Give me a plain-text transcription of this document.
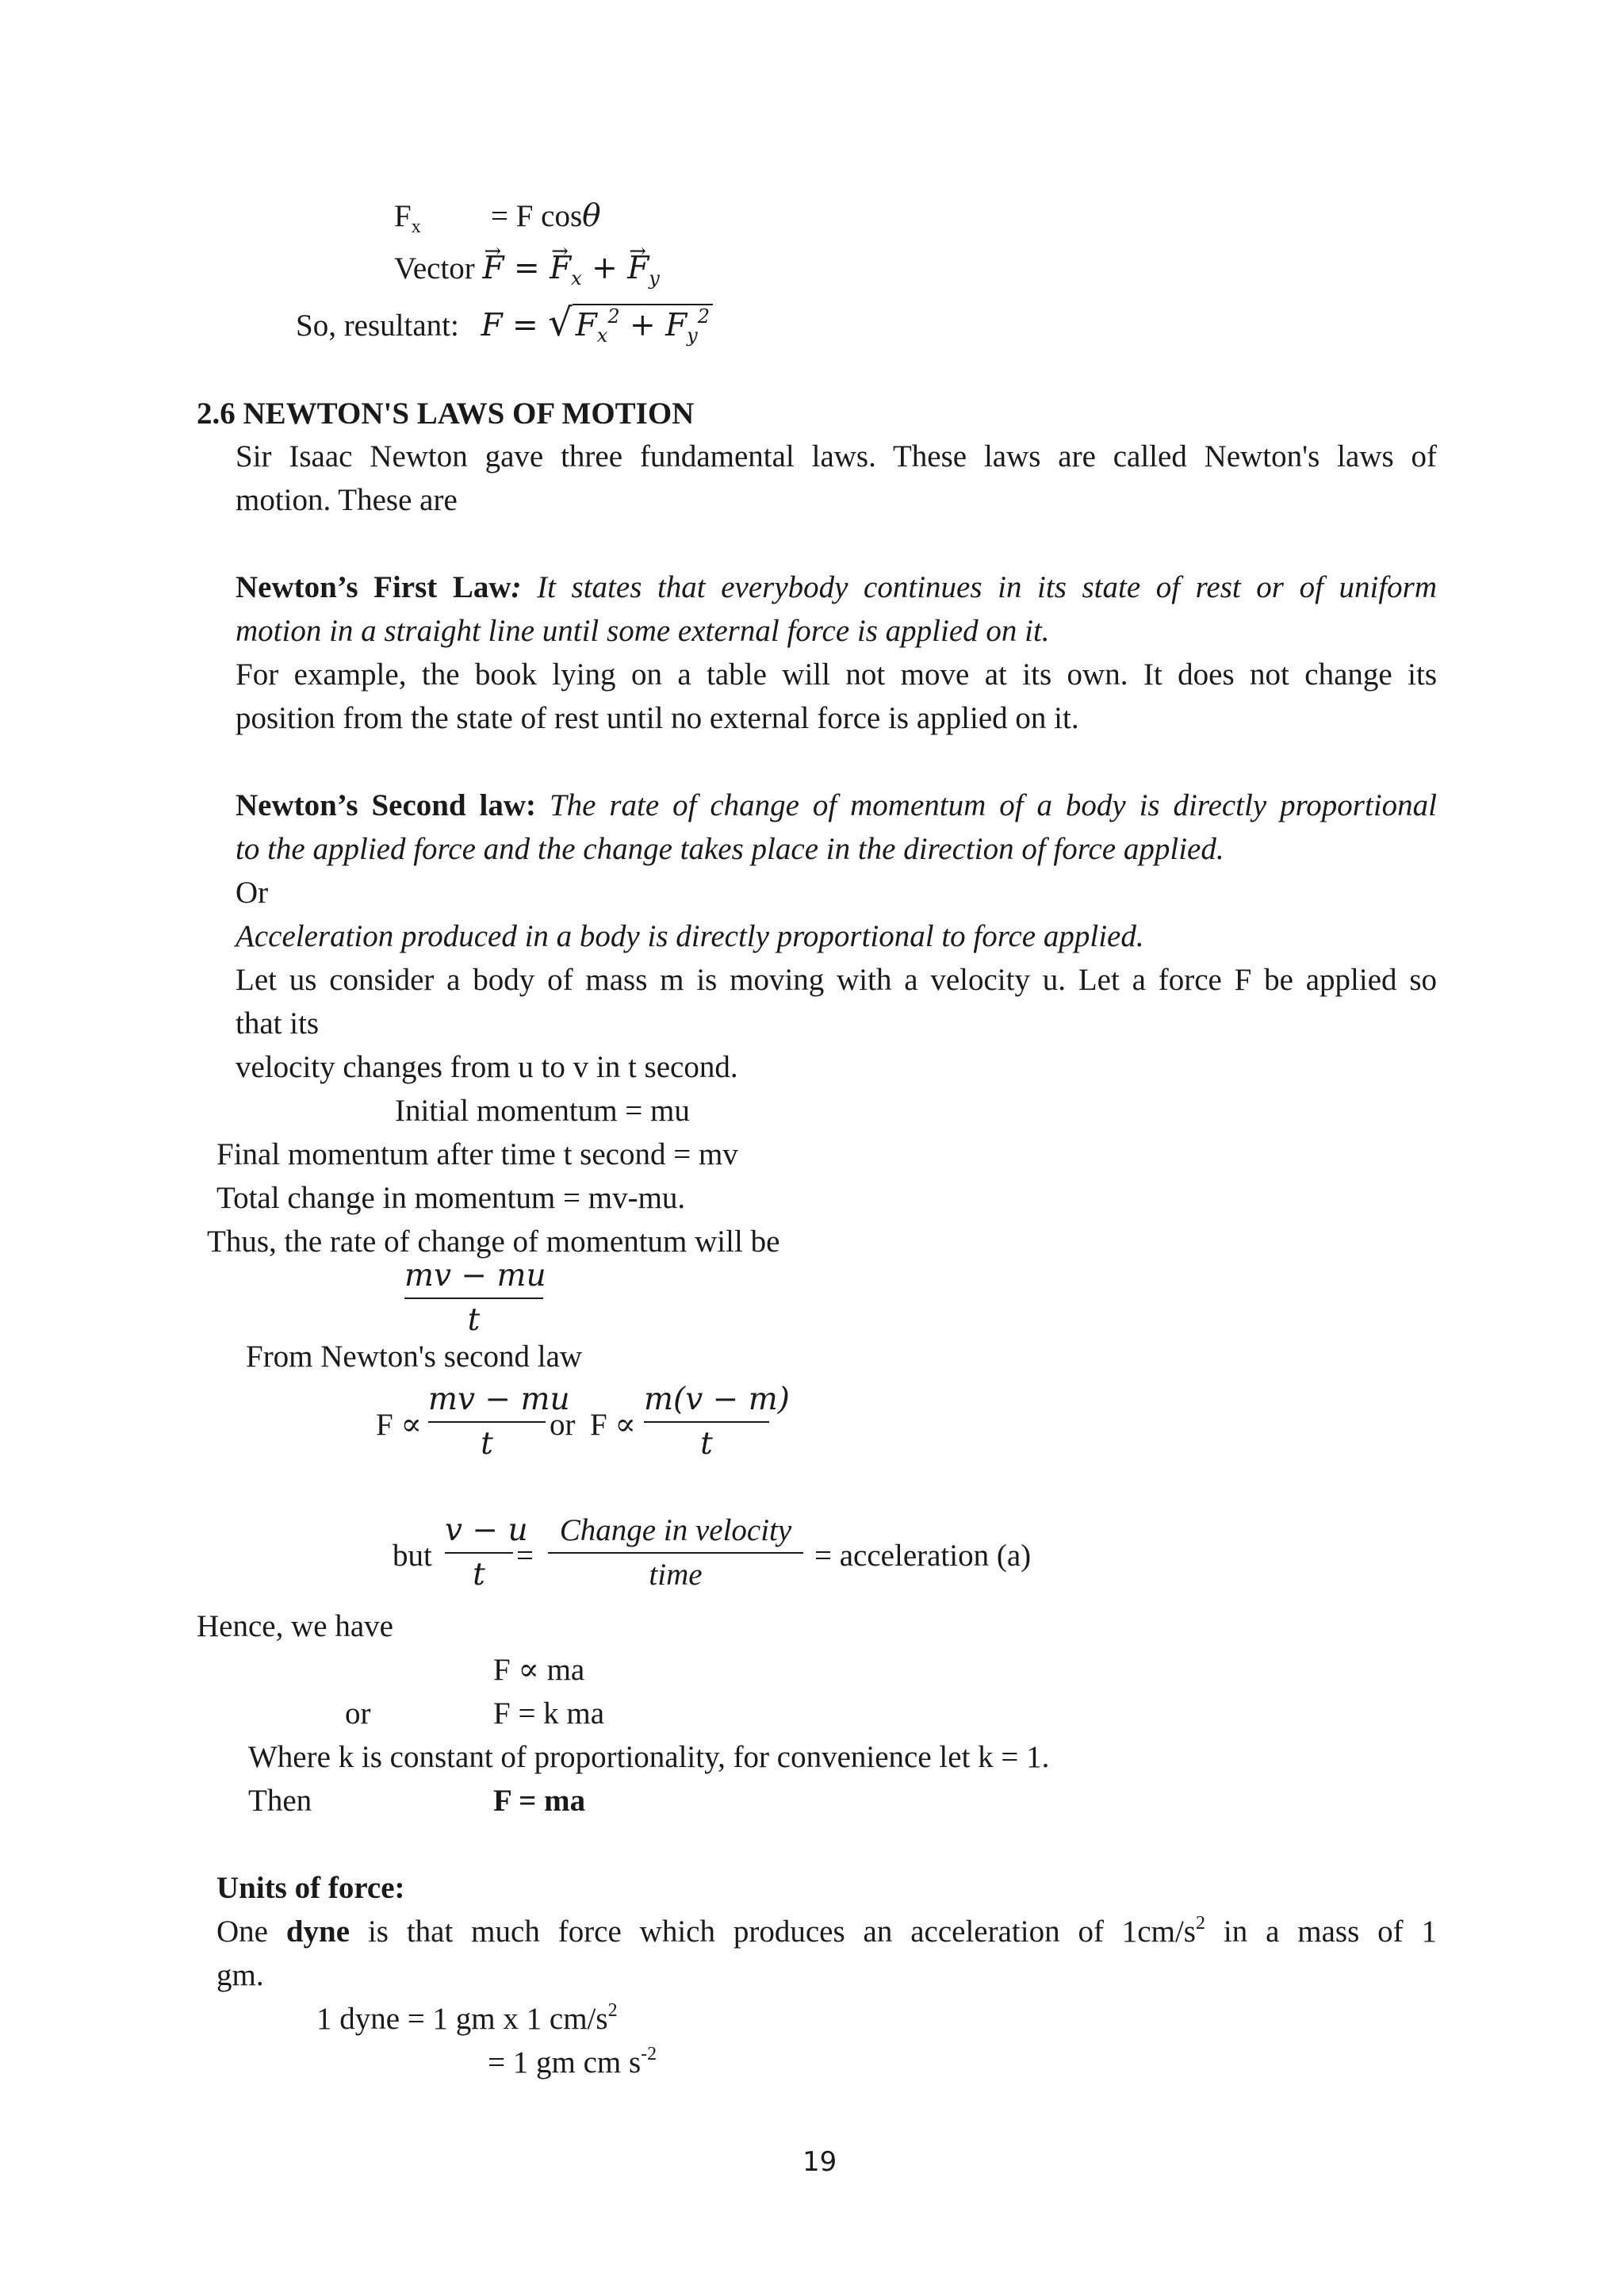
$F_x = F$ cosθ
Vector → F = → $F_x$ + → $F_y$
So, resultant: F = √ $F_x^2 + F_y^2$
2.6 NEWTON'S LAWS OF MOTION
Sir Isaac Newton gave three fundamental laws. These laws are called Newton's laws of
motion. These are
Newton’s First Law: It states that everybody continues in its state of rest or of uniform
motion in a straight line until some external force is applied on it.
For example, the book lying on a table will not move at its own. It does not change its
position from the state of rest until no external force is applied on it.
Newton’s Second law: The rate of change of momentum of a body is directly proportional
to the applied force and the change takes place in the direction of force applied.
Or
Acceleration produced in a body is directly proportional to force applied.
Let us consider a body of mass m is moving with a velocity u. Let a force F be applied so
that its
velocity changes from u to v in t second.
Initial momentum = mu
Final momentum after time t second = mv
Total change in momentum = mv-mu.
Thus, the rate of change of momentum will be
mv − mu
t
From Newton's second law
F ∝
mv − mu
t
or F ∝
m(v − m)
t
but
v − u
t
=
Change in velocity
time
= acceleration (a)
Hence, we have
F ∝ ma
or	F = k ma
Where k is constant of proportionality, for convenience let k = 1.
Then	F = ma
Units of force:
One dyne is that much force which produces an acceleration of $1cm/s^2$ in a mass of 1
gm.
1 dyne = 1 gm x 1 $cm/s^2$
= 1 gm cm $s^{-2}$
19
